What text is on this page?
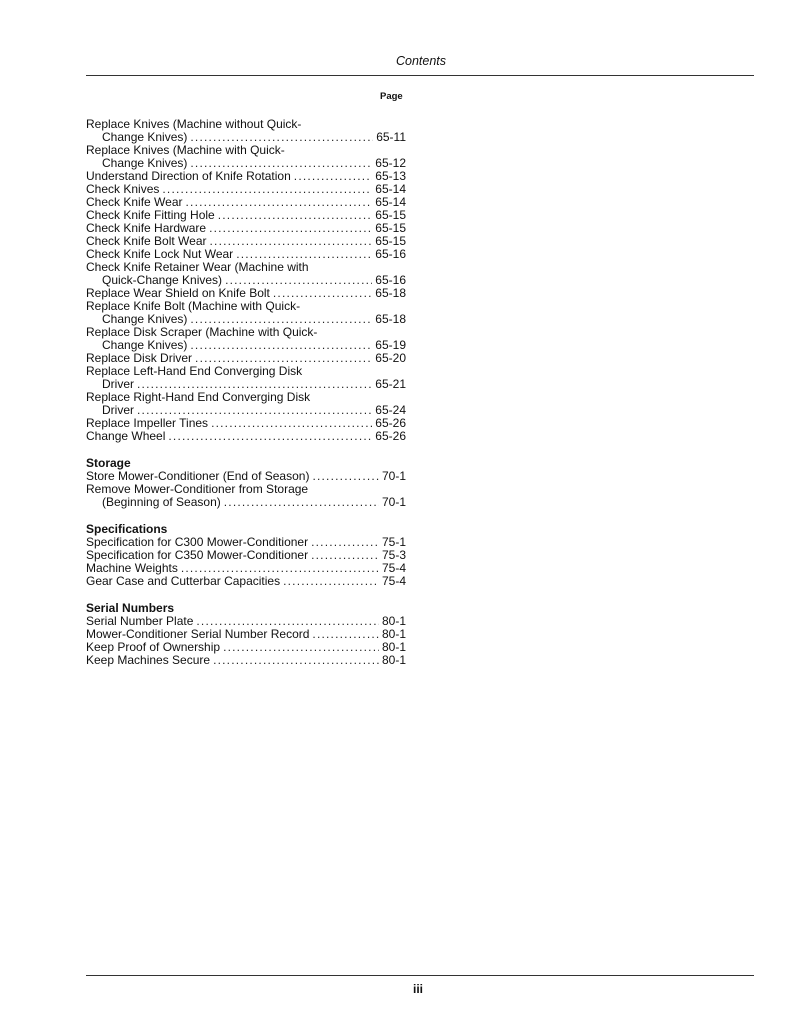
Contents
Page
Replace Knives (Machine without Quick-
Change Knives) .....	65-11
Replace Knives (Machine with Quick-
Change Knives) .....	65-12
Understand Direction of Knife Rotation .....	65-13
Check Knives .....	65-14
Check Knife Wear .....	65-14
Check Knife Fitting Hole .....	65-15
Check Knife Hardware .....	65-15
Check Knife Bolt Wear .....	65-15
Check Knife Lock Nut Wear .....	65-16
Check Knife Retainer Wear (Machine with
Quick-Change Knives) .....	65-16
Replace Wear Shield on Knife Bolt .....	65-18
Replace Knife Bolt (Machine with Quick-
Change Knives) .....	65-18
Replace Disk Scraper (Machine with Quick-
Change Knives) .....	65-19
Replace Disk Driver .....	65-20
Replace Left-Hand End Converging Disk
Driver .....	65-21
Replace Right-Hand End Converging Disk
Driver .....	65-24
Replace Impeller Tines .....	65-26
Change Wheel .....	65-26
Storage
Store Mower-Conditioner (End of Season) .....	70-1
Remove Mower-Conditioner from Storage
(Beginning of Season) .....	70-1
Specifications
Specification for C300 Mower-Conditioner .....	75-1
Specification for C350 Mower-Conditioner .....	75-3
Machine Weights .....	75-4
Gear Case and Cutterbar Capacities .....	75-4
Serial Numbers
Serial Number Plate .....	80-1
Mower-Conditioner Serial Number Record .....	80-1
Keep Proof of Ownership .....	80-1
Keep Machines Secure .....	80-1
iii
